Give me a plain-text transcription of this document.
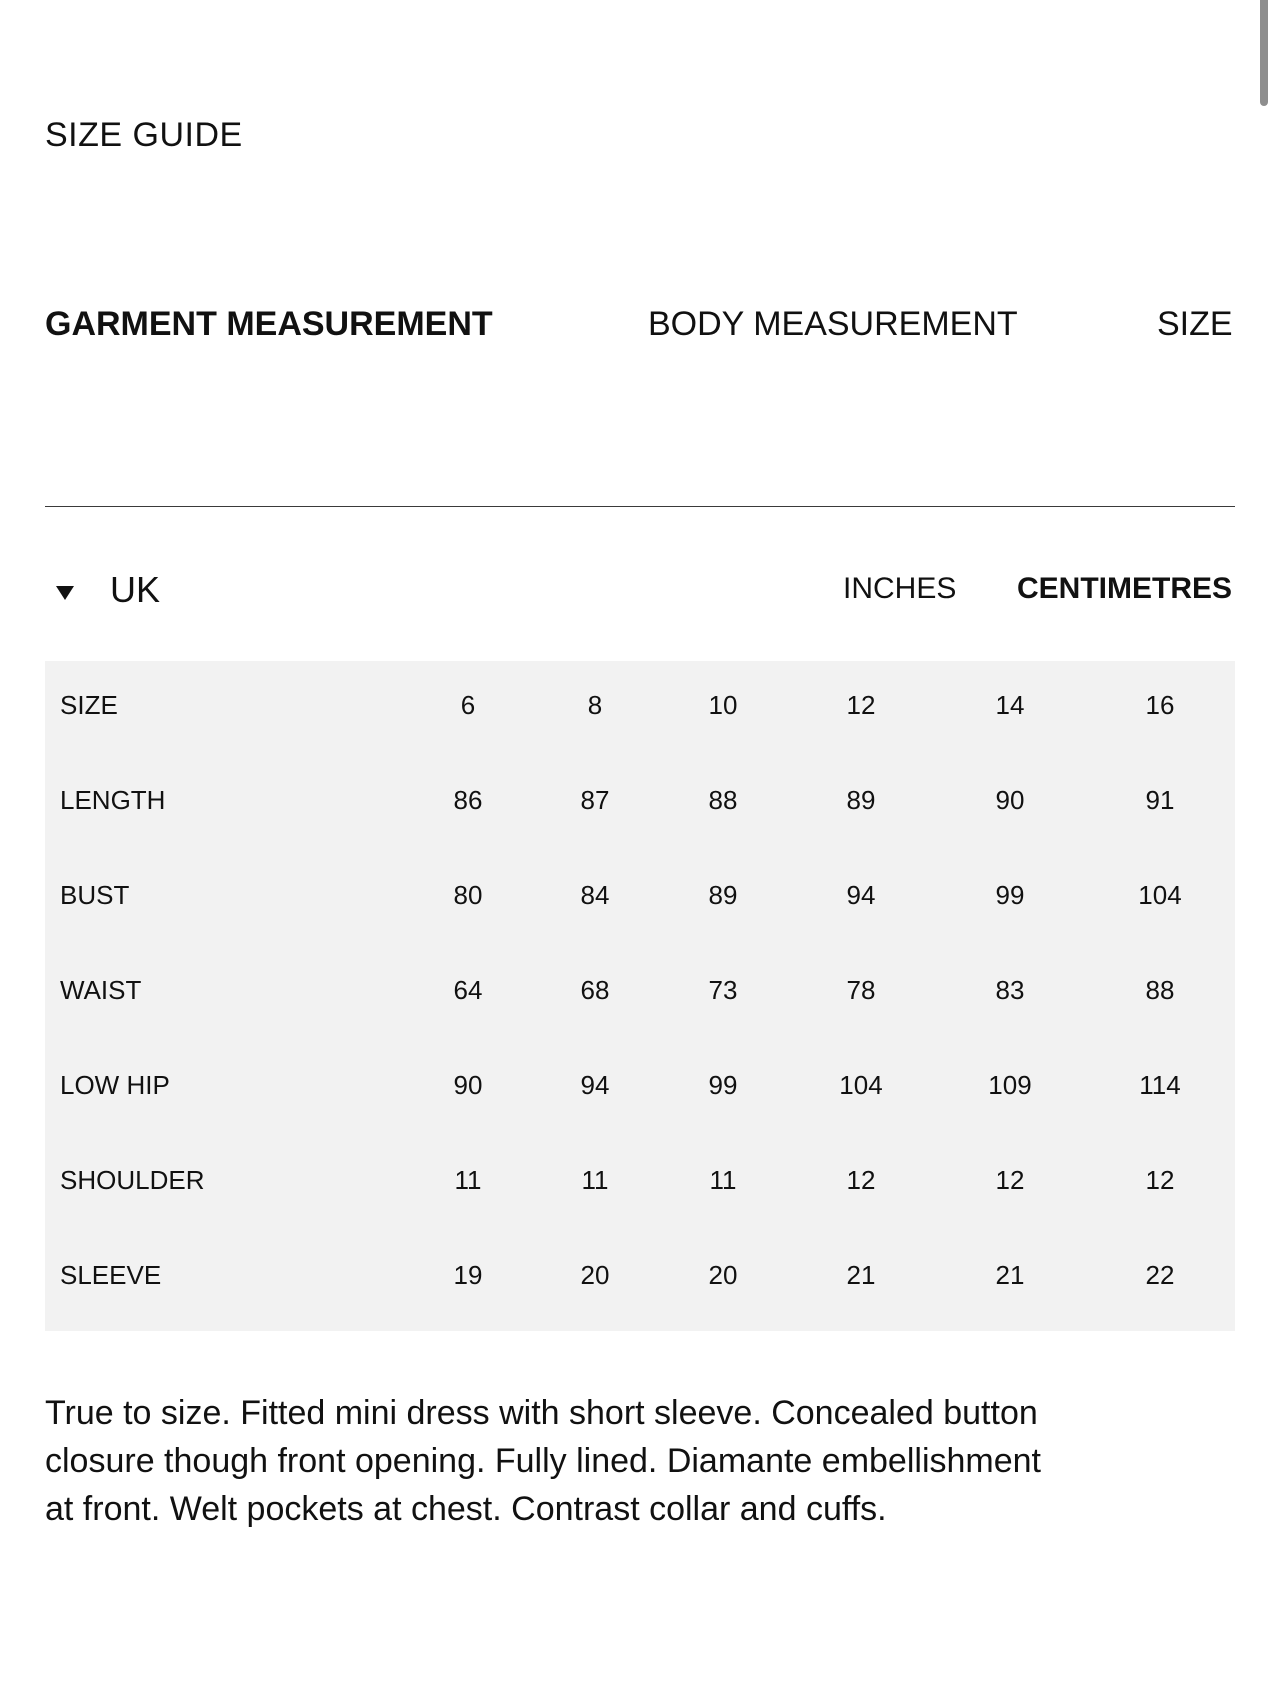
SIZE GUIDE
GARMENT MEASUREMENT	BODY MEASUREMENT	SIZE
UK	INCHES CENTIMETRES
SIZE	6	8	10	12	14	16
LENGTH	86	87	88	89	90	91
BUST	80	84	89	94	99	104
WAIST	64	68	73	78	83	88
LOW HIP	90	94	99	104	109	114
SHOULDER	11	11	11	12	12	12
SLEEVE	19	20	20	21	21	22

True to size. Fitted mini dress with short sleeve. Concealed button closure though front opening. Fully lined. Diamante embellishment at front. Welt pockets at chest. Contrast collar and cuffs.
